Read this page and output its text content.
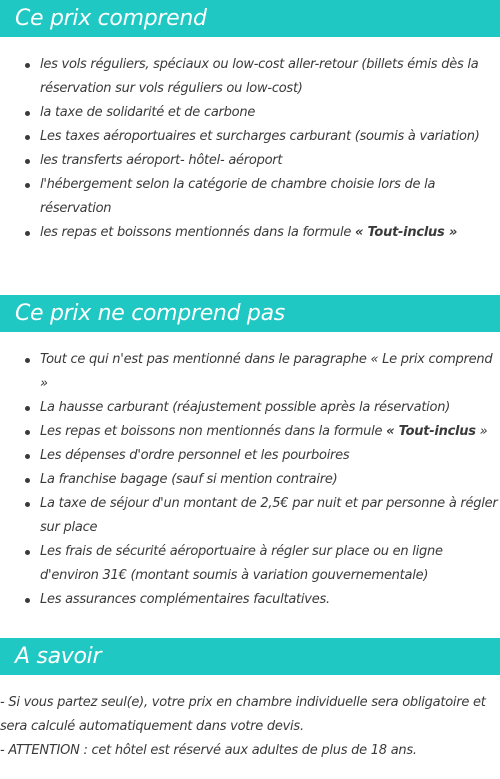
Ce prix comprend
les vols réguliers, spéciaux ou low-cost aller-retour (billets émis dès la réservation sur vols réguliers ou low-cost)
la taxe de solidarité et de carbone
Les taxes aéroportuaires et surcharges carburant (soumis à variation)
les transferts aéroport- hôtel- aéroport
l'hébergement selon la catégorie de chambre choisie lors de la réservation
les repas et boissons mentionnés dans la formule « Tout-inclus »
Ce prix ne comprend pas
Tout ce qui n'est pas mentionné dans le paragraphe « Le prix comprend »
La hausse carburant (réajustement possible après la réservation)
Les repas et boissons non mentionnés dans la formule « Tout-inclus »
Les dépenses d'ordre personnel et les pourboires
La franchise bagage (sauf si mention contraire)
La taxe de séjour d'un montant de 2,5€ par nuit et par personne à régler sur place
Les frais de sécurité aéroportuaire à régler sur place ou en ligne d'environ 31€ (montant soumis à variation gouvernementale)
Les assurances complémentaires facultatives.
A savoir
- Si vous partez seul(e), votre prix en chambre individuelle sera obligatoire et sera calculé automatiquement dans votre devis.
- ATTENTION : cet hôtel est réservé aux adultes de plus de 18 ans.
